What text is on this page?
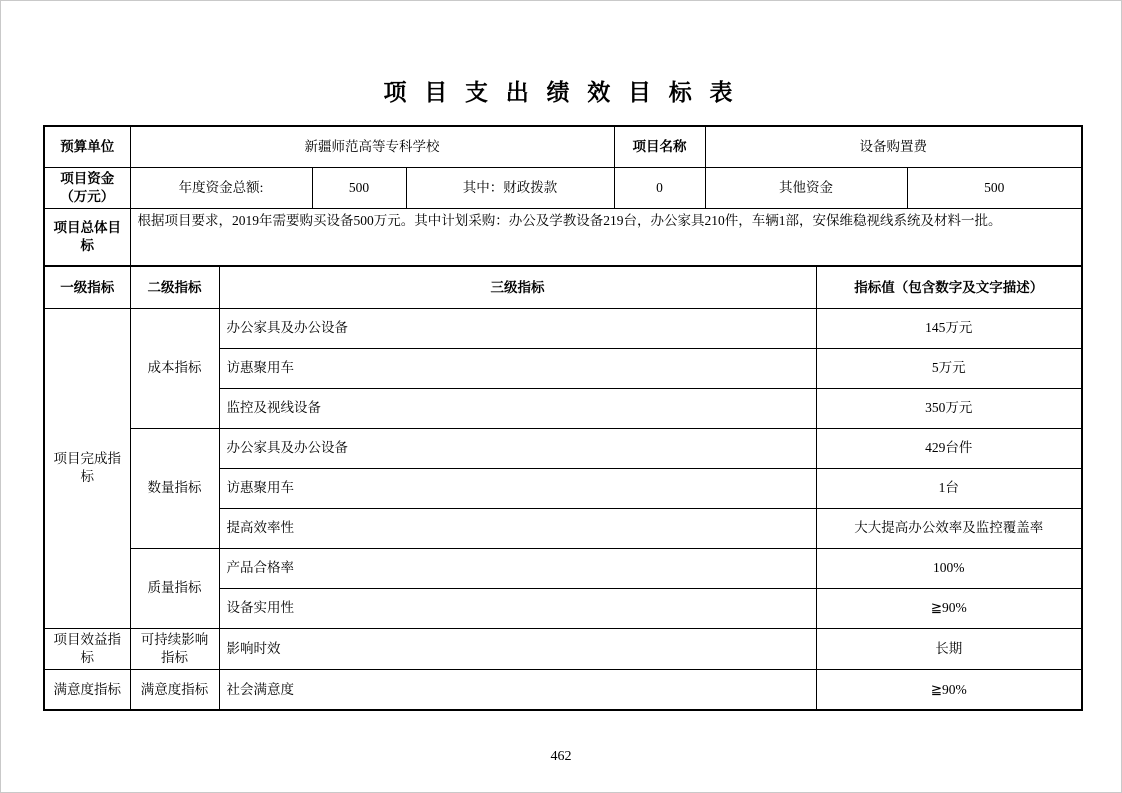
项 目 支 出 绩 效 目 标 表
预算单位	新疆师范高等专科学校				项目名称	设备购置费		
项目资金（万元）	年度资金总额:		500	其中：财政拨款	0	其他资金		500
项目总体目标	根据项目要求，2019年需要购买设备500万元。其中计划采购：办公及学教设备219台，办公家具210件，车辆1部，安保维稳视线系统及材料一批。							
一级指标	二级指标	三级指标					指标值（包含数字及文字描述）	
项目完成指标	成本指标	办公家具及办公设备					145万元	
		访惠聚用车					5万元	
		监控及视线设备					350万元	
	数量指标	办公家具及办公设备					429台件	
		访惠聚用车					1台	
		提高效率性					大大提高办公效率及监控覆盖率	
	质量指标	产品合格率					100%	
		设备实用性					≧90%	
项目效益指标	可持续影响指标	影响时效					长期	
满意度指标	满意度指标	社会满意度					≧90%	
462
